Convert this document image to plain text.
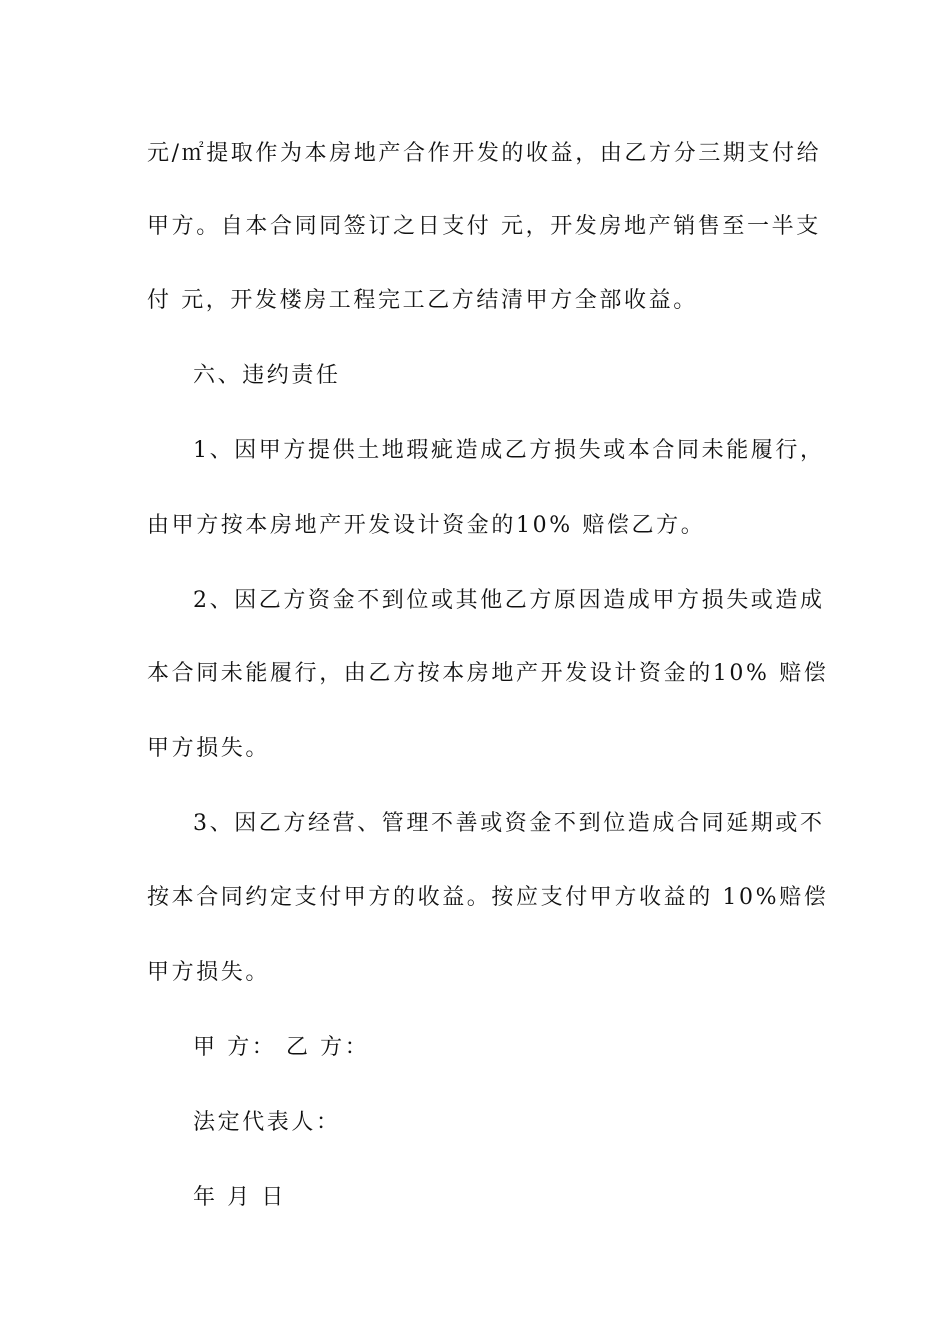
元/㎡提取作为本房地产合作开发的收益，由乙方分三期支付给
甲方。自本合同同签订之日支付 元，开发房地产销售至一半支
付 元，开发楼房工程完工乙方结清甲方全部收益。
六、违约责任
1、因甲方提供土地瑕疵造成乙方损失或本合同未能履行，
由甲方按本房地产开发设计资金的10% 赔偿乙方。
2、因乙方资金不到位或其他乙方原因造成甲方损失或造成
本合同未能履行，由乙方按本房地产开发设计资金的10% 赔偿
甲方损失。
3、因乙方经营、管理不善或资金不到位造成合同延期或不
按本合同约定支付甲方的收益。按应支付甲方收益的 10%赔偿
甲方损失。
甲 方： 乙 方：
法定代表人：
年 月 日
